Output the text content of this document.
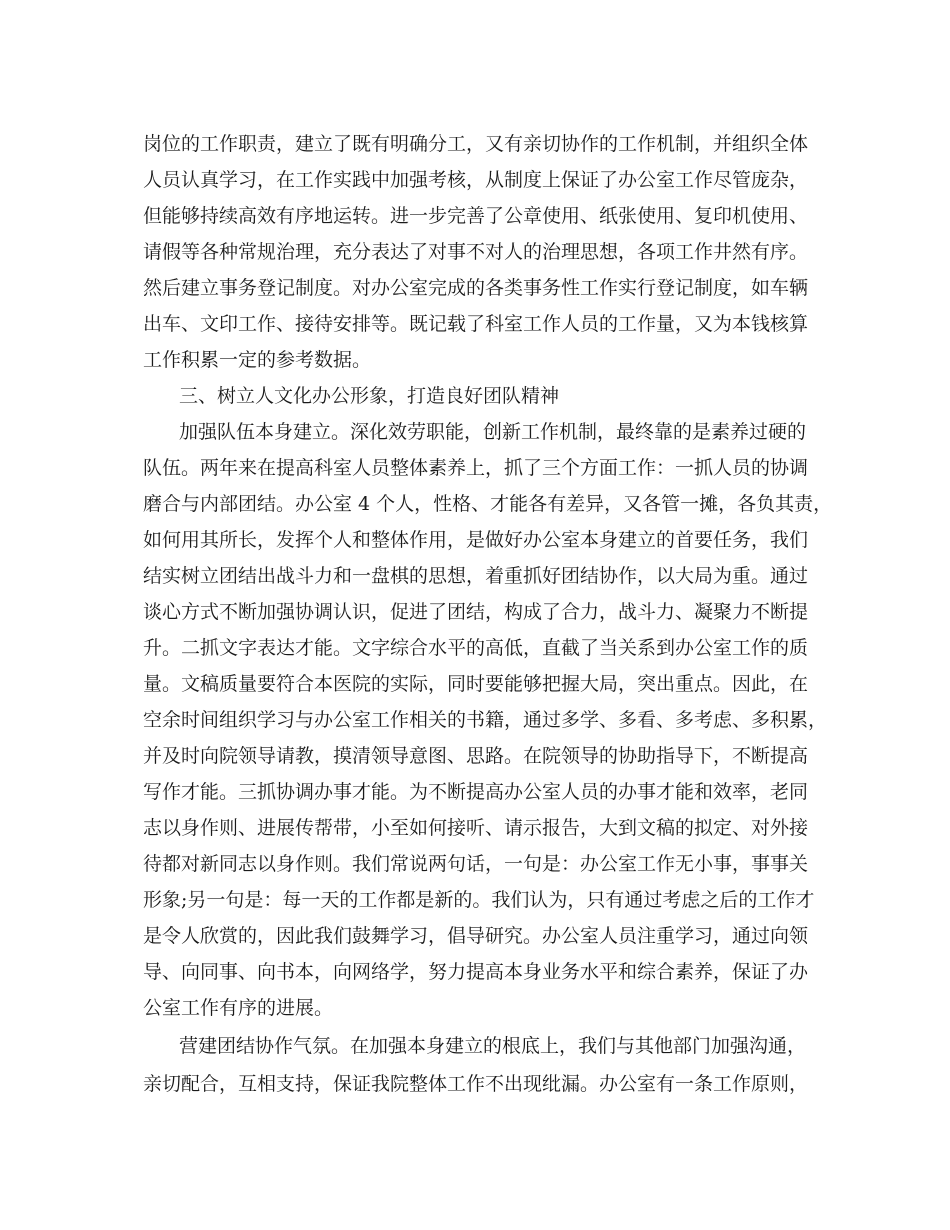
岗位的工作职责，建立了既有明确分工，又有亲切协作的工作机制，并组织全体
人员认真学习，在工作实践中加强考核，从制度上保证了办公室工作尽管庞杂，
但能够持续高效有序地运转。进一步完善了公章使用、纸张使用、复印机使用、
请假等各种常规治理，充分表达了对事不对人的治理思想，各项工作井然有序。
然后建立事务登记制度。对办公室完成的各类事务性工作实行登记制度，如车辆
出车、文印工作、接待安排等。既记载了科室工作人员的工作量，又为本钱核算
工作积累一定的参考数据。
三、树立人文化办公形象，打造良好团队精神
加强队伍本身建立。深化效劳职能，创新工作机制，最终靠的是素养过硬的
队伍。两年来在提高科室人员整体素养上，抓了三个方面工作：一抓人员的协调
磨合与内部团结。办公室 4 个人，性格、才能各有差异，又各管一摊，各负其责，
如何用其所长，发挥个人和整体作用，是做好办公室本身建立的首要任务，我们
结实树立团结出战斗力和一盘棋的思想，着重抓好团结协作，以大局为重。通过
谈心方式不断加强协调认识，促进了团结，构成了合力，战斗力、凝聚力不断提
升。二抓文字表达才能。文字综合水平的高低，直截了当关系到办公室工作的质
量。文稿质量要符合本医院的实际，同时要能够把握大局，突出重点。因此，在
空余时间组织学习与办公室工作相关的书籍，通过多学、多看、多考虑、多积累，
并及时向院领导请教，摸清领导意图、思路。在院领导的协助指导下，不断提高
写作才能。三抓协调办事才能。为不断提高办公室人员的办事才能和效率，老同
志以身作则、进展传帮带，小至如何接听、请示报告，大到文稿的拟定、对外接
待都对新同志以身作则。我们常说两句话，一句是：办公室工作无小事，事事关
形象;另一句是：每一天的工作都是新的。我们认为，只有通过考虑之后的工作才
是令人欣赏的，因此我们鼓舞学习，倡导研究。办公室人员注重学习，通过向领
导、向同事、向书本，向网络学，努力提高本身业务水平和综合素养，保证了办
公室工作有序的进展。
营建团结协作气氛。在加强本身建立的根底上，我们与其他部门加强沟通，
亲切配合，互相支持，保证我院整体工作不出现纰漏。办公室有一条工作原则，
